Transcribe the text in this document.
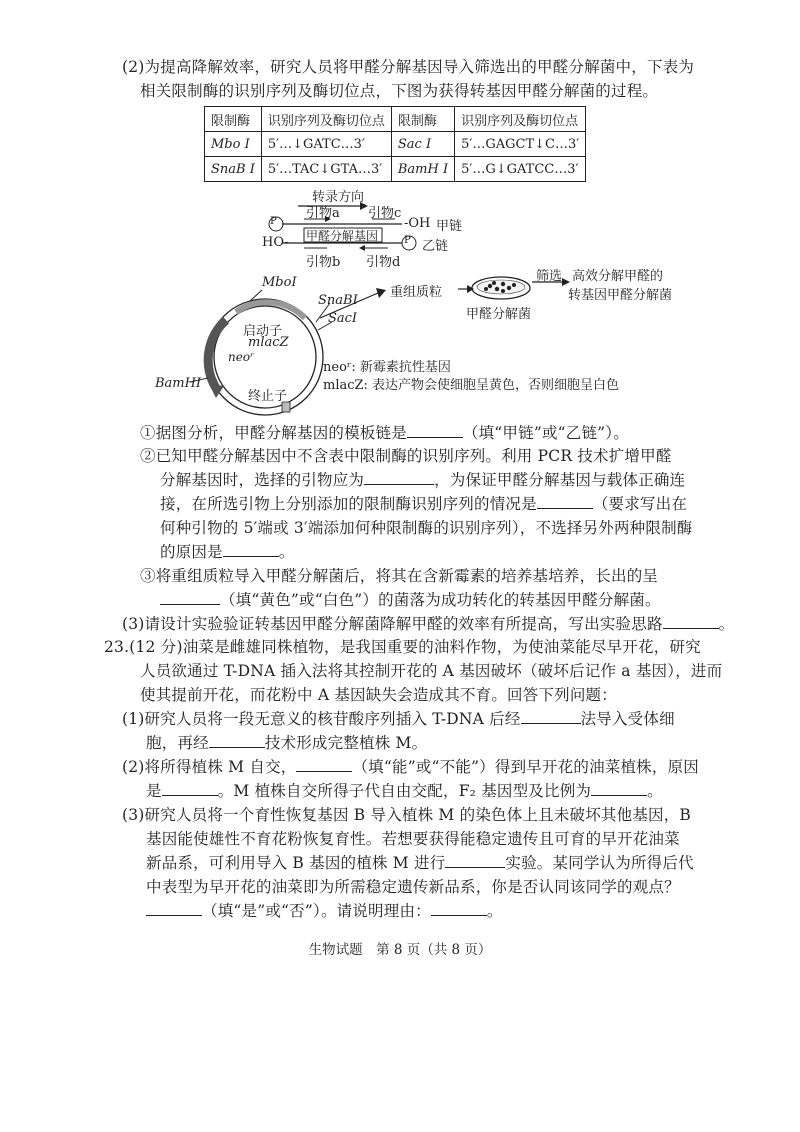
(2)为提高降解效率，研究人员将甲醛分解基因导入筛选出的甲醛分解菌中，下表为
相关限制酶的识别序列及酶切位点，下图为获得转基因甲醛分解菌的过程。
限制酶	识别序列及酶切位点	限制酶	识别序列及酶切位点
Mbo Ⅰ	5′…↓GATC…3′	Sac Ⅰ	5′…GAGCT↓C…3′
SnaB Ⅰ	5′…TAC↓GTA…3′	BamH Ⅰ	5′…G↓GATCC…3′
转录方向
引物a 引物c
P
P
-OH
HO- 甲醛分解基因
甲链
乙链
引物b 引物d
MboⅠ
SnaBⅠ
SacⅠ
BamHⅠ
启动子
mlacZ
neoʳ
终止子
重组质粒
甲醛分解菌
筛选 高效分解甲醛的
转基因甲醛分解菌
neoʳ: 新霉素抗性基因
mlacZ: 表达产物会使细胞呈黄色，否则细胞呈白色
①据图分析，甲醛分解基因的模板链是	（填“甲链”或“乙链”）。
②已知甲醛分解基因中不含表中限制酶的识别序列。利用 PCR 技术扩增甲醛
分解基因时，选择的引物应为	，为保证甲醛分解基因与载体正确连
接，在所选引物上分别添加的限制酶识别序列的情况是	（要求写出在
何种引物的 5′端或 3′端添加何种限制酶的识别序列），不选择另外两种限制酶
的原因是	。
③将重组质粒导入甲醛分解菌后，将其在含新霉素的培养基培养，长出的呈
（填“黄色”或“白色”）的菌落为成功转化的转基因甲醛分解菌。
(3)请设计实验验证转基因甲醛分解菌降解甲醛的效率有所提高，写出实验思路	。
23.(12 分)油菜是雌雄同株植物，是我国重要的油料作物，为使油菜能尽早开花，研究
人员欲通过 T-DNA 插入法将其控制开花的 A 基因破坏（破坏后记作 a 基因），进而
使其提前开花，而花粉中 A 基因缺失会造成其不育。回答下列问题：
(1)研究人员将一段无意义的核苷酸序列插入 T-DNA 后经	法导入受体细
胞，再经	技术形成完整植株 M。
(2)将所得植株 M 自交，	（填“能”或“不能”）得到早开花的油菜植株，原因
是	。M 植株自交所得子代自由交配，F₂ 基因型及比例为	。
(3)研究人员将一个育性恢复基因 B 导入植株 M 的染色体上且未破坏其他基因，B
基因能使雄性不育花粉恢复育性。若想要获得能稳定遗传且可育的早开花油菜
新品系，可利用导入 B 基因的植株 M 进行	实验。某同学认为所得后代
中表型为早开花的油菜即为所需稳定遗传新品系，你是否认同该同学的观点？
（填“是”或“否”）。请说明理由：	。
生物试题　第 8 页（共 8 页）
